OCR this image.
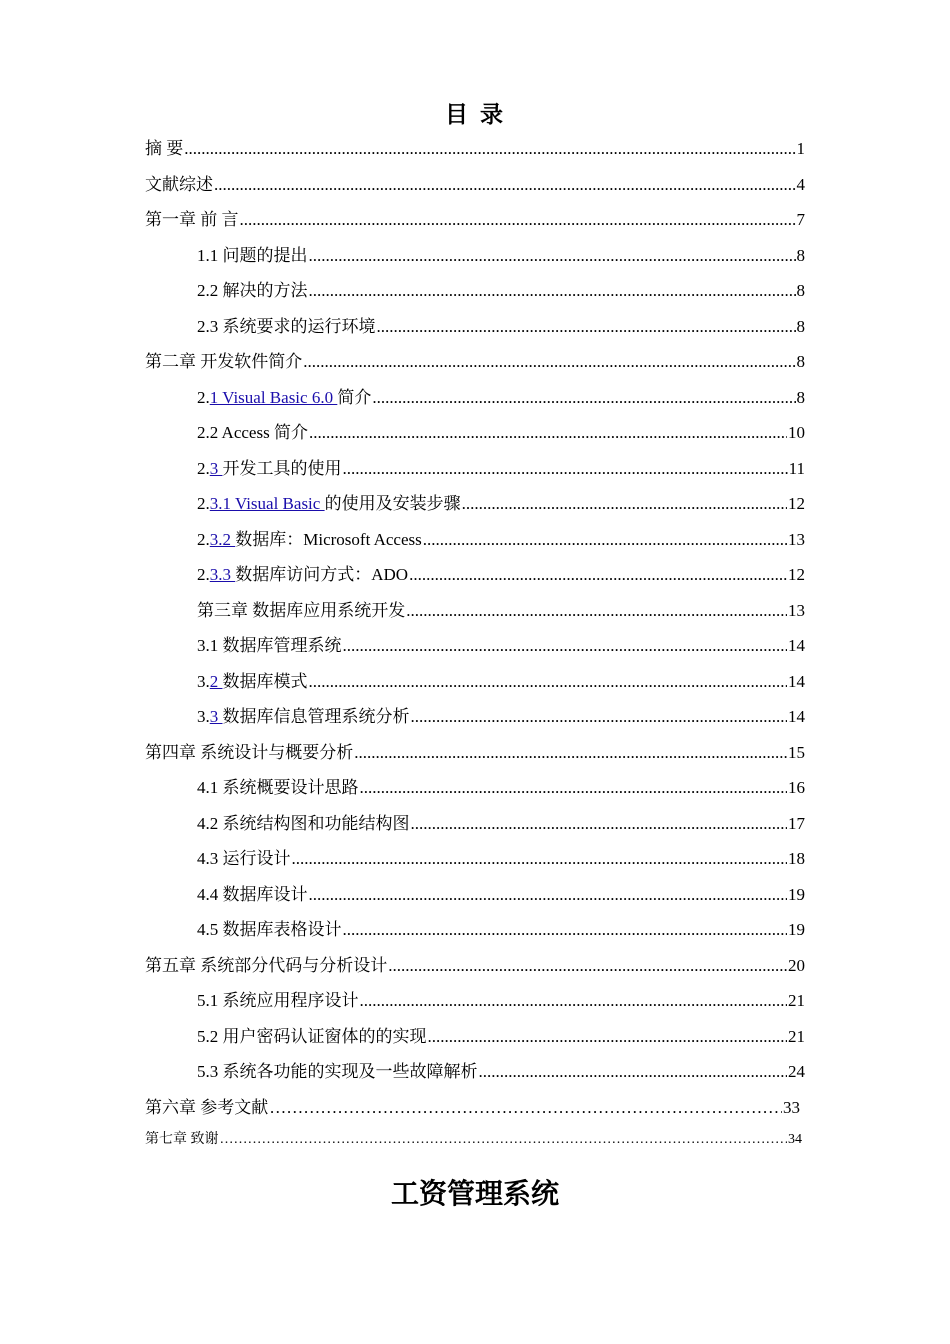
目 录
摘 要 .....	1
文献综述 .....	4
第一章 前 言 .....	7
1.1 问题的提出 .....	8
2.2 解决的方法 .....	8
2.3 系统要求的运行环境 .....	8
第二章 开发软件简介 .....	8
2.1 Visual Basic 6.0 简介 .....	8
2.2 Access 简介 .....	10
2.3 开发工具的使用 .....	11
2.3.1 Visual Basic 的使用及安装步骤 .....	12
2.3.2 数据库：Microsoft Access .....	13
2.3.3 数据库访问方式：ADO .....	12
第三章 数据库应用系统开发 .....	13
3.1 数据库管理系统 .....	14
3.2 数据库模式 .....	14
3.3 数据库信息管理系统分析 .....	14
第四章 系统设计与概要分析 .....	15
4.1 系统概要设计思路 .....	16
4.2 系统结构图和功能结构图 .....	17
4.3 运行设计 .....	18
4.4 数据库设计 .....	19
4.5 数据库表格设计 .....	19
第五章 系统部分代码与分析设计 .....	20
5.1 系统应用程序设计 .....	21
5.2 用户密码认证窗体的的实现 .....	21
5.3 系统各功能的实现及一些故障解析 .....	24
第六章 参考文献 …………………………………………………………………………………………………………………	33
第七章 致谢 …………………………………………………………………………………………………………………	34
工资管理系统
